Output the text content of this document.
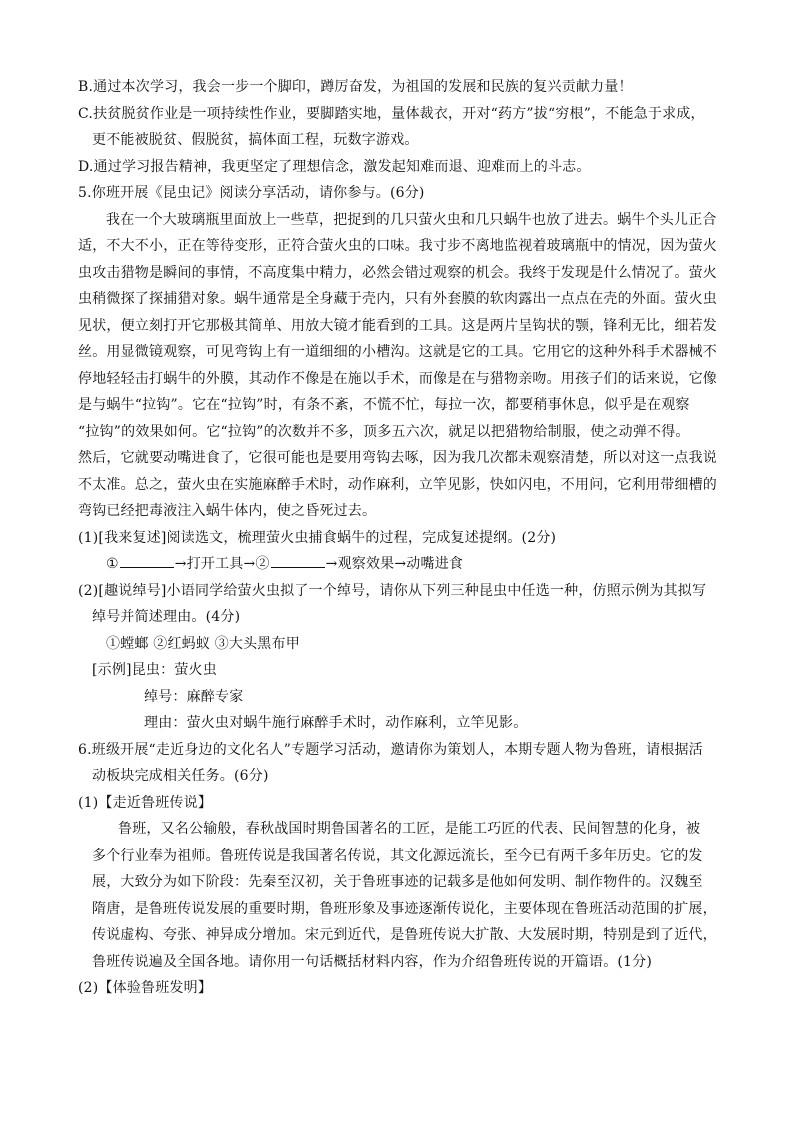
B.通过本次学习，我会一步一个脚印，蹲厉奋发，为祖国的发展和民族的复兴贡献力量！
C.扶贫脱贫作业是一项持续性作业，要脚踏实地，量体裁衣，开对“药方”拔“穷根”，不能急于求成，
更不能被脱贫、假脱贫，搞体面工程，玩数字游戏。
D.通过学习报告精神，我更坚定了理想信念，激发起知难而退、迎难而上的斗志。
5.你班开展《昆虫记》阅读分享活动，请你参与。(6分)
我在一个大玻璃瓶里面放上一些草，把捉到的几只萤火虫和几只蜗牛也放了进去。蜗牛个头儿正合
适，不大不小，正在等待变形，正符合萤火虫的口味。我寸步不离地监视着玻璃瓶中的情况，因为萤火
虫攻击猎物是瞬间的事情，不高度集中精力，必然会错过观察的机会。我终于发现是什么情况了。萤火
虫稍微探了探捕猎对象。蜗牛通常是全身藏于壳内，只有外套膜的软肉露出一点点在壳的外面。萤火虫
见状，便立刻打开它那极其简单、用放大镜才能看到的工具。这是两片呈钩状的颚，锋利无比，细若发
丝。用显微镜观察，可见弯钩上有一道细细的小槽沟。这就是它的工具。它用它的这种外科手术器械不
停地轻轻击打蜗牛的外膜，其动作不像是在施以手术，而像是在与猎物亲吻。用孩子们的话来说，它像
是与蜗牛“拉钩”。它在“拉钩”时，有条不紊，不慌不忙，每拉一次，都要稍事休息，似乎是在观察
“拉钩”的效果如何。它“拉钩”的次数并不多，顶多五六次，就足以把猎物给制服，使之动弹不得。
然后，它就要动嘴进食了，它很可能也是要用弯钩去啄，因为我几次都未观察清楚，所以对这一点我说
不太准。总之，萤火虫在实施麻醉手术时，动作麻利，立竿见影，快如闪电，不用问，它利用带细槽的
弯钩已经把毒液注入蜗牛体内，使之昏死过去。
(1)[我来复述]阅读选文，梳理萤火虫捕食蜗牛的过程，完成复述提纲。(2分)
①	→打开工具→②	→观察效果→动嘴进食
(2)[趣说绰号]小语同学给萤火虫拟了一个绰号，请你从下列三种昆虫中任选一种，仿照示例为其拟写
绰号并简述理由。(4分)
①螳螂 ②红蚂蚁 ③大头黑布甲
[示例]昆虫：萤火虫
绰号：麻醉专家
理由：萤火虫对蜗牛施行麻醉手术时，动作麻利，立竿见影。
6.班级开展“走近身边的文化名人”专题学习活动，邀请你为策划人，本期专题人物为鲁班，请根据活
动板块完成相关任务。(6分)
(1)【走近鲁班传说】
鲁班，又名公输般，春秋战国时期鲁国著名的工匠，是能工巧匠的代表、民间智慧的化身，被
多个行业奉为祖师。鲁班传说是我国著名传说，其文化源远流长，至今已有两千多年历史。它的发
展，大致分为如下阶段：先秦至汉初，关于鲁班事迹的记载多是他如何发明、制作物件的。汉魏至
隋唐，是鲁班传说发展的重要时期，鲁班形象及事迹逐渐传说化，主要体现在鲁班活动范围的扩展，
传说虚构、夸张、神异成分增加。宋元到近代，是鲁班传说大扩散、大发展时期，特别是到了近代，
鲁班传说遍及全国各地。请你用一句话概括材料内容，作为介绍鲁班传说的开篇语。(1分)
(2)【体验鲁班发明】
